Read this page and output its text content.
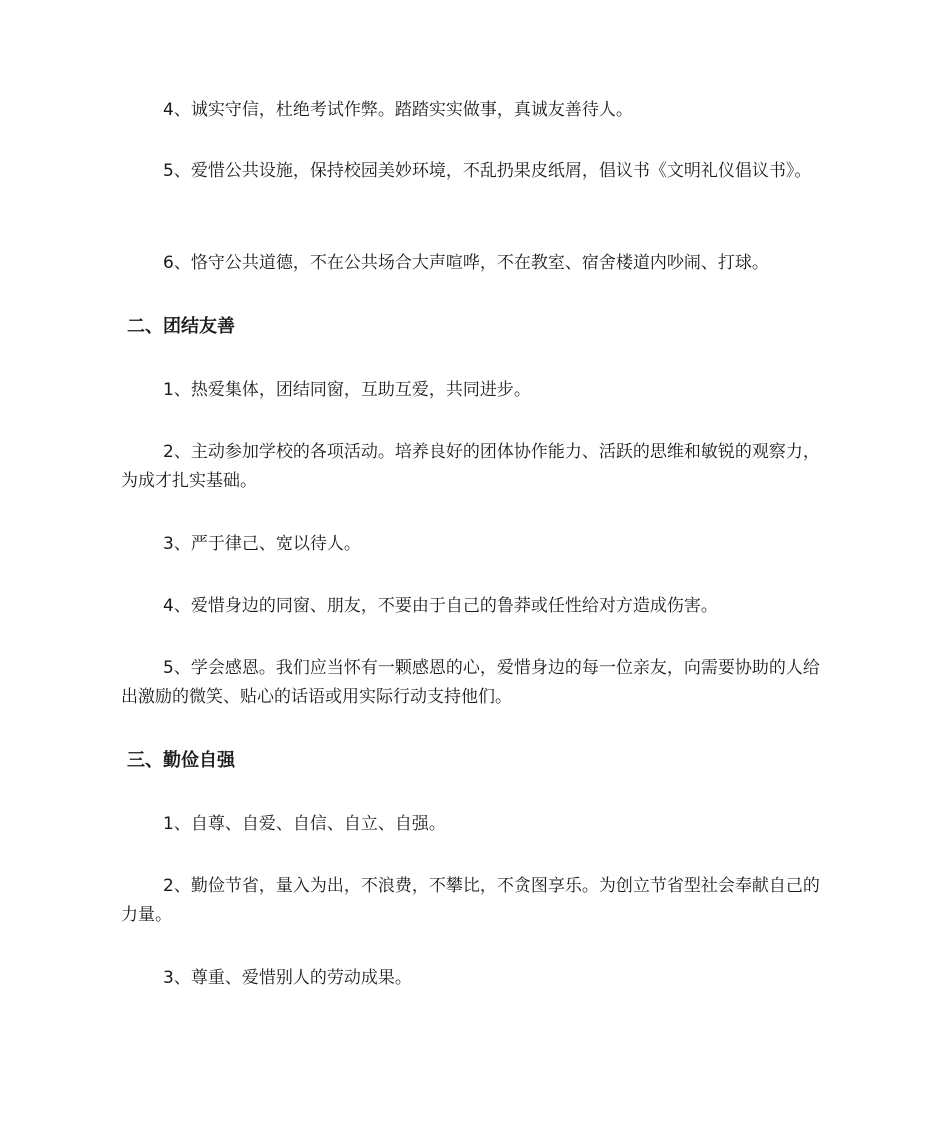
4、诚实守信，杜绝考试作弊。踏踏实实做事，真诚友善待人。

5、爱惜公共设施，保持校园美妙环境，不乱扔果皮纸屑，倡议书《文明礼仪倡议书》。

6、恪守公共道德，不在公共场合大声喧哗，不在教室、宿舍楼道内吵闹、打球。

二、团结友善

1、热爱集体，团结同窗，互助互爱，共同进步。

2、主动参加学校的各项活动。培养良好的团体协作能力、活跃的思维和敏锐的观察力，为成才扎实基础。

3、严于律己、宽以待人。

4、爱惜身边的同窗、朋友，不要由于自己的鲁莽或任性给对方造成伤害。

5、学会感恩。我们应当怀有一颗感恩的心，爱惜身边的每一位亲友，向需要协助的人给出激励的微笑、贴心的话语或用实际行动支持他们。

三、勤俭自强

1、自尊、自爱、自信、自立、自强。

2、勤俭节省，量入为出，不浪费，不攀比，不贪图享乐。为创立节省型社会奉献自己的力量。

3、尊重、爱惜别人的劳动成果。
